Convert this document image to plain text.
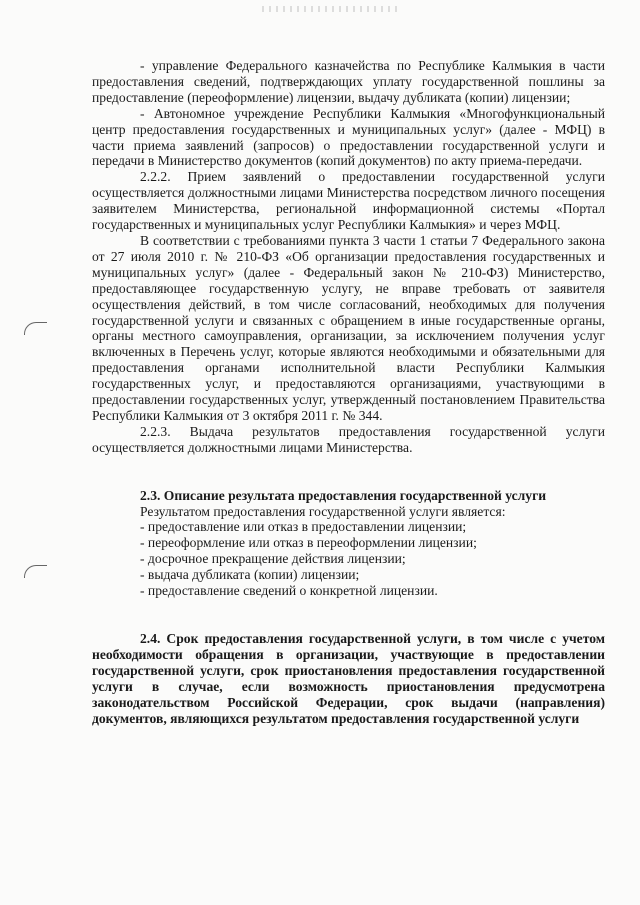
- управление Федерального казначейства по Республике Калмыкия в части предоставления сведений, подтверждающих уплату государственной пошлины за предоставление (переоформление) лицензии, выдачу дубликата (копии) лицензии;

- Автономное учреждение Республики Калмыкия «Многофункциональный центр предоставления государственных и муниципальных услуг» (далее - МФЦ) в части приема заявлений (запросов) о предоставлении государственной услуги и передачи в Министерство документов (копий документов) по акту приема-передачи.

2.2.2. Прием заявлений о предоставлении государственной услуги осуществляется должностными лицами Министерства посредством личного посещения заявителем Министерства, региональной информационной системы «Портал государственных и муниципальных услуг Республики Калмыкия» и через МФЦ.

В соответствии с требованиями пункта 3 части 1 статьи 7 Федерального закона от 27 июля 2010 г. № 210-ФЗ «Об организации предоставления государственных и муниципальных услуг» (далее - Федеральный закон № 210-ФЗ) Министерство, предоставляющее государственную услугу, не вправе требовать от заявителя осуществления действий, в том числе согласований, необходимых для получения государственной услуги и связанных с обращением в иные государственные органы, органы местного самоуправления, организации, за исключением получения услуг включенных в Перечень услуг, которые являются необходимыми и обязательными для предоставления органами исполнительной власти Республики Калмыкия государственных услуг, и предоставляются организациями, участвующими в предоставлении государственных услуг, утвержденный постановлением Правительства Республики Калмыкия от 3 октября 2011 г. № 344.

2.2.3. Выдача результатов предоставления государственной услуги осуществляется должностными лицами Министерства.

2.3. Описание результата предоставления государственной услуги

Результатом предоставления государственной услуги является:

- предоставление или отказ в предоставлении лицензии;
- переоформление или отказ в переоформлении лицензии;
- досрочное прекращение действия лицензии;
- выдача дубликата (копии) лицензии;
- предоставление сведений о конкретной лицензии.

2.4. Срок предоставления государственной услуги, в том числе с учетом необходимости обращения в организации, участвующие в предоставлении государственной услуги, срок приостановления предоставления государственной услуги в случае, если возможность приостановления предусмотрена законодательством Российской Федерации, срок выдачи (направления) документов, являющихся результатом предоставления государственной услуги
